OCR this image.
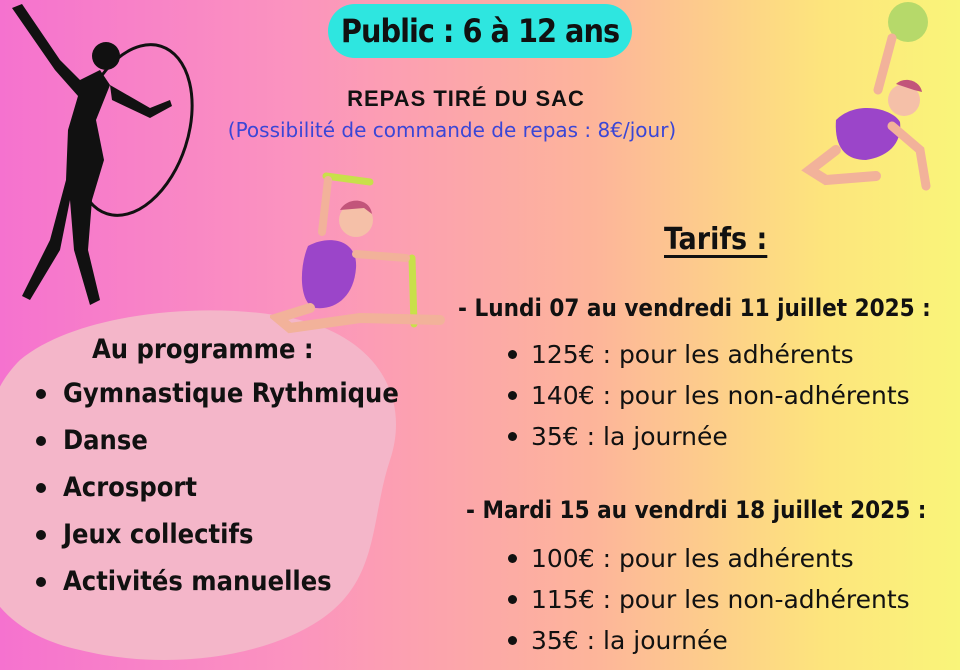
Public : 6 à 12 ans
REPAS TIRÉ DU SAC
(Possibilité de commande de repas : 8€/jour)
Au programme :
Gymnastique Rythmique
Danse
Acrosport
Jeux collectifs
Activités manuelles
Tarifs :
- Lundi 07 au vendredi 11 juillet 2025 :
125€ : pour les adhérents
140€ : pour les non-adhérents
35€ : la journée
- Mardi 15 au vendrdi 18 juillet 2025 :
100€ : pour les adhérents
115€ : pour les non-adhérents
35€ : la journée
